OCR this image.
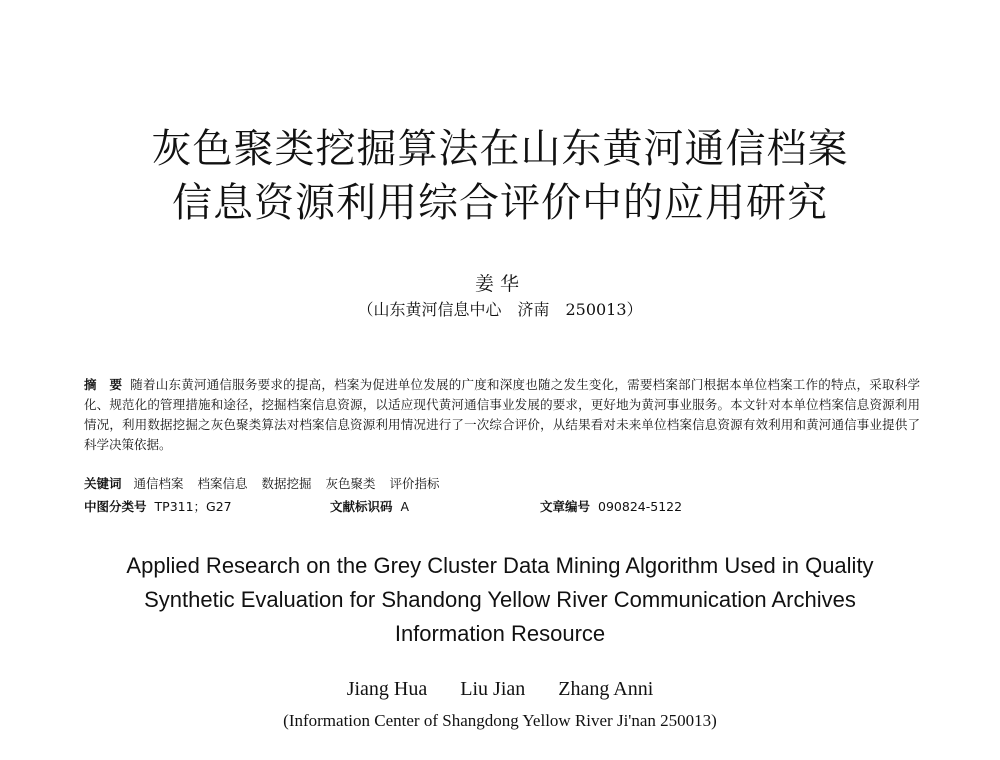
灰色聚类挖掘算法在山东黄河通信档案
信息资源利用综合评价中的应用研究
姜华
（山东黄河信息中心　济南　250013）
摘　要 随着山东黄河通信服务要求的提高，档案为促进单位发展的广度和深度也随之发生变化，需要档案部门根据本单位档案工作的特点，采取科学化、规范化的管理措施和途径，挖掘档案信息资源，以适应现代黄河通信事业发展的要求，更好地为黄河事业服务。本文针对本单位档案信息资源利用情况，利用数据挖掘之灰色聚类算法对档案信息资源利用情况进行了一次综合评价，从结果看对未来单位档案信息资源有效利用和黄河通信事业提供了科学决策依据。
关键词 通信档案 档案信息 数据挖掘 灰色聚类 评价指标
中图分类号 TP311；G27	文献标识码 A	文章编号 090824-5122
Applied Research on the Grey Cluster Data Mining Algorithm Used in Quality
Synthetic Evaluation for Shandong Yellow River Communication Archives
Information Resource
Jiang Hua Liu Jian Zhang Anni
(Information Center of Shangdong Yellow River Ji'nan 250013)
